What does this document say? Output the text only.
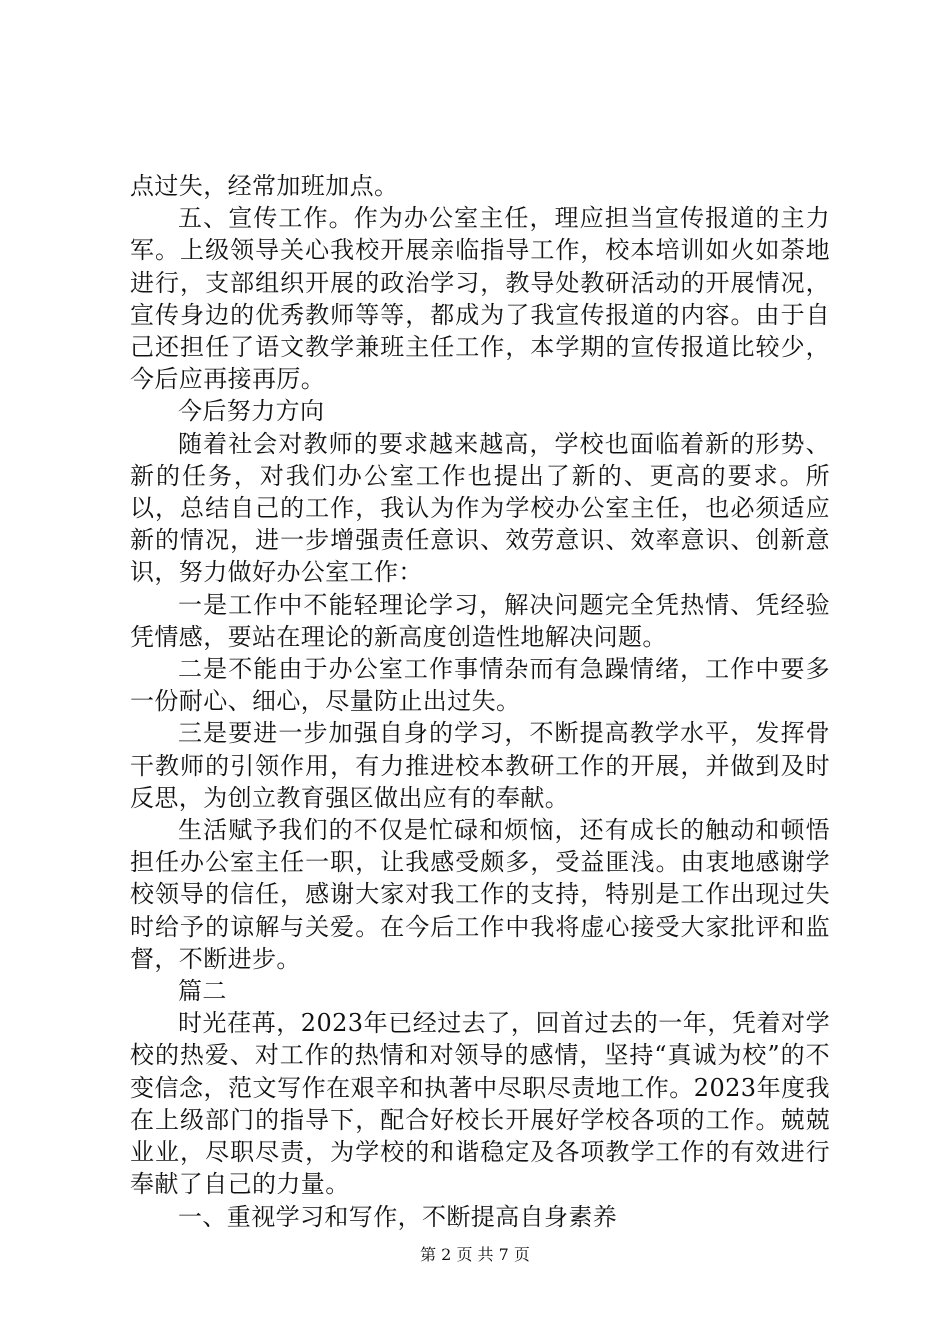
点过失，经常加班加点。

五、宣传工作。作为办公室主任，理应担当宣传报道的主力军。上级领导关心我校开展亲临指导工作，校本培训如火如荼地进行，支部组织开展的政治学习，教导处教研活动的开展情况，宣传身边的优秀教师等等，都成为了我宣传报道的内容。由于自己还担任了语文教学兼班主任工作，本学期的宣传报道比较少，今后应再接再厉。

今后努力方向

随着社会对教师的要求越来越高，学校也面临着新的形势、新的任务，对我们办公室工作也提出了新的、更高的要求。所以，总结自己的工作，我认为作为学校办公室主任，也必须适应新的情况，进一步增强责任意识、效劳意识、效率意识、创新意识，努力做好办公室工作：

一是工作中不能轻理论学习，解决问题完全凭热情、凭经验凭情感，要站在理论的新高度创造性地解决问题。

二是不能由于办公室工作事情杂而有急躁情绪，工作中要多一份耐心、细心，尽量防止出过失。

三是要进一步加强自身的学习，不断提高教学水平，发挥骨干教师的引领作用，有力推进校本教研工作的开展，并做到及时反思，为创立教育强区做出应有的奉献。

生活赋予我们的不仅是忙碌和烦恼，还有成长的触动和顿悟担任办公室主任一职，让我感受颇多，受益匪浅。由衷地感谢学校领导的信任，感谢大家对我工作的支持，特别是工作出现过失时给予的谅解与关爱。在今后工作中我将虚心接受大家批评和监督，不断进步。

篇二

时光荏苒，2023年已经过去了，回首过去的一年，凭着对学校的热爱、对工作的热情和对领导的感情，坚持“真诚为校”的不变信念，范文写作在艰辛和执著中尽职尽责地工作。2023年度我在上级部门的指导下，配合好校长开展好学校各项的工作。兢兢业业，尽职尽责，为学校的和谐稳定及各项教学工作的有效进行奉献了自己的力量。

一、重视学习和写作，不断提高自身素养

第 2 页 共 7 页
